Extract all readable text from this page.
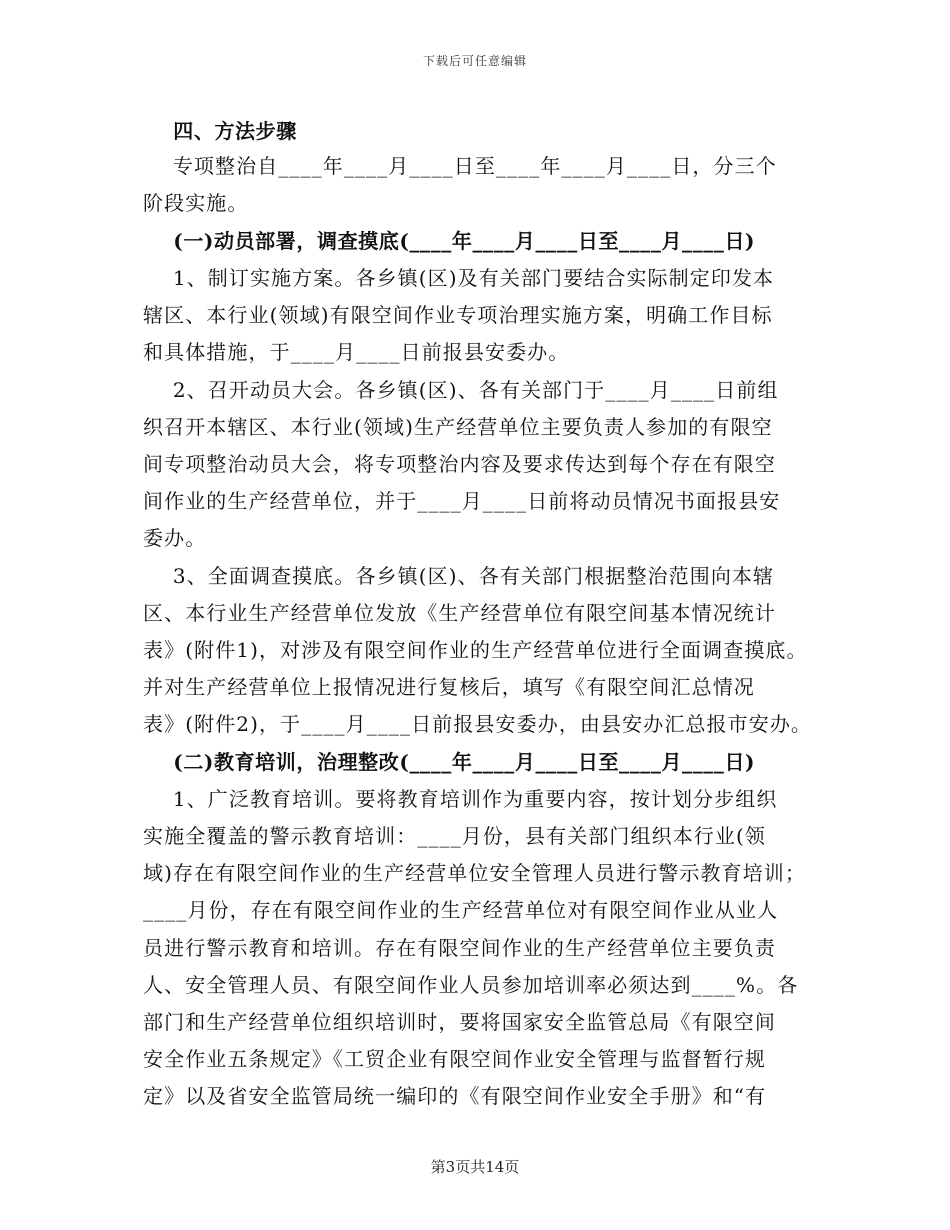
下载后可任意编辑
四、方法步骤
专项整治自____年____月____日至____年____月____日，分三个
阶段实施。
(一)动员部署，调查摸底(____年____月____日至____月____日)
1、制订实施方案。各乡镇(区)及有关部门要结合实际制定印发本
辖区、本行业(领域)有限空间作业专项治理实施方案，明确工作目标
和具体措施，于____月____日前报县安委办。
2、召开动员大会。各乡镇(区)、各有关部门于____月____日前组
织召开本辖区、本行业(领域)生产经营单位主要负责人参加的有限空
间专项整治动员大会，将专项整治内容及要求传达到每个存在有限空
间作业的生产经营单位，并于____月____日前将动员情况书面报县安
委办。
3、全面调查摸底。各乡镇(区)、各有关部门根据整治范围向本辖
区、本行业生产经营单位发放《生产经营单位有限空间基本情况统计
表》(附件1)，对涉及有限空间作业的生产经营单位进行全面调查摸底。
并对生产经营单位上报情况进行复核后，填写《有限空间汇总情况
表》(附件2)，于____月____日前报县安委办，由县安办汇总报市安办。
(二)教育培训，治理整改(____年____月____日至____月____日)
1、广泛教育培训。要将教育培训作为重要内容，按计划分步组织
实施全覆盖的警示教育培训：____月份，县有关部门组织本行业(领
域)存在有限空间作业的生产经营单位安全管理人员进行警示教育培训；
____月份，存在有限空间作业的生产经营单位对有限空间作业从业人
员进行警示教育和培训。存在有限空间作业的生产经营单位主要负责
人、安全管理人员、有限空间作业人员参加培训率必须达到____%。各
部门和生产经营单位组织培训时，要将国家安全监管总局《有限空间
安全作业五条规定》《工贸企业有限空间作业安全管理与监督暂行规
定》以及省安全监管局统一编印的《有限空间作业安全手册》和“有
第3页共14页
